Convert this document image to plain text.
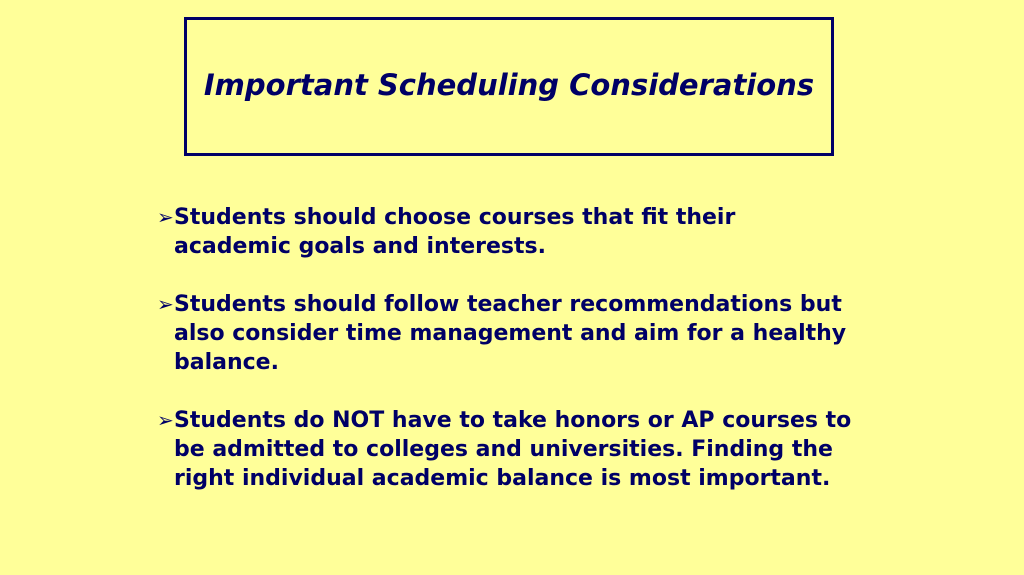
Important Scheduling Considerations
➢ Students should choose courses that fit their
academic goals and interests.
➢ Students should follow teacher recommendations but
also consider time management and aim for a healthy
balance.
➢ Students do NOT have to take honors or AP courses to
be admitted to colleges and universities. Finding the
right individual academic balance is most important.
